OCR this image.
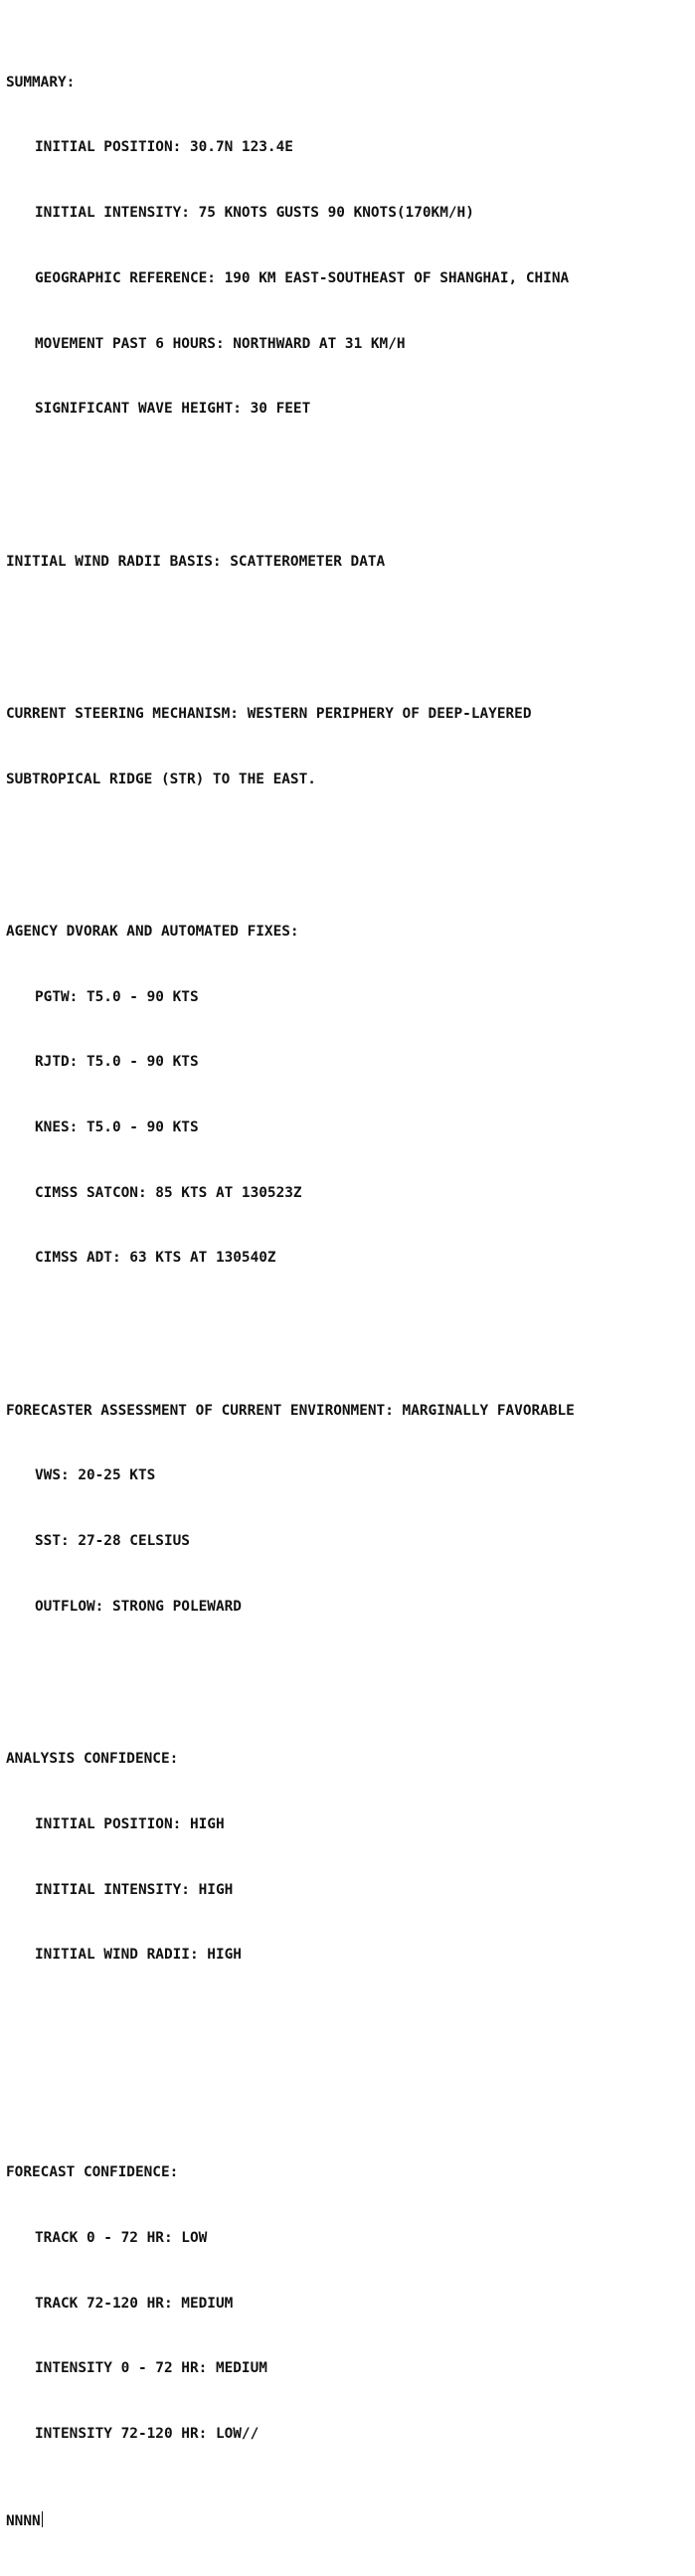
SUMMARY:

INITIAL POSITION: 30.7N 123.4E

INITIAL INTENSITY: 75 KNOTS GUSTS 90 KNOTS(170KM/H)

GEOGRAPHIC REFERENCE: 190 KM EAST-SOUTHEAST OF SHANGHAI, CHINA

MOVEMENT PAST 6 HOURS: NORTHWARD AT 31 KM/H

SIGNIFICANT WAVE HEIGHT: 30 FEET

INITIAL WIND RADII BASIS: SCATTEROMETER DATA

CURRENT STEERING MECHANISM: WESTERN PERIPHERY OF DEEP-LAYERED

SUBTROPICAL RIDGE (STR) TO THE EAST.

AGENCY DVORAK AND AUTOMATED FIXES:

PGTW: T5.0 - 90 KTS

RJTD: T5.0 - 90 KTS

KNES: T5.0 - 90 KTS

CIMSS SATCON: 85 KTS AT 130523Z

CIMSS ADT: 63 KTS AT 130540Z

FORECASTER ASSESSMENT OF CURRENT ENVIRONMENT: MARGINALLY FAVORABLE

VWS: 20-25 KTS

SST: 27-28 CELSIUS

OUTFLOW: STRONG POLEWARD

ANALYSIS CONFIDENCE:

INITIAL POSITION: HIGH

INITIAL INTENSITY: HIGH

INITIAL WIND RADII: HIGH

FORECAST CONFIDENCE:

TRACK 0 - 72 HR: LOW

TRACK 72-120 HR: MEDIUM

INTENSITY 0 - 72 HR: MEDIUM

INTENSITY 72-120 HR: LOW//

NNNN
